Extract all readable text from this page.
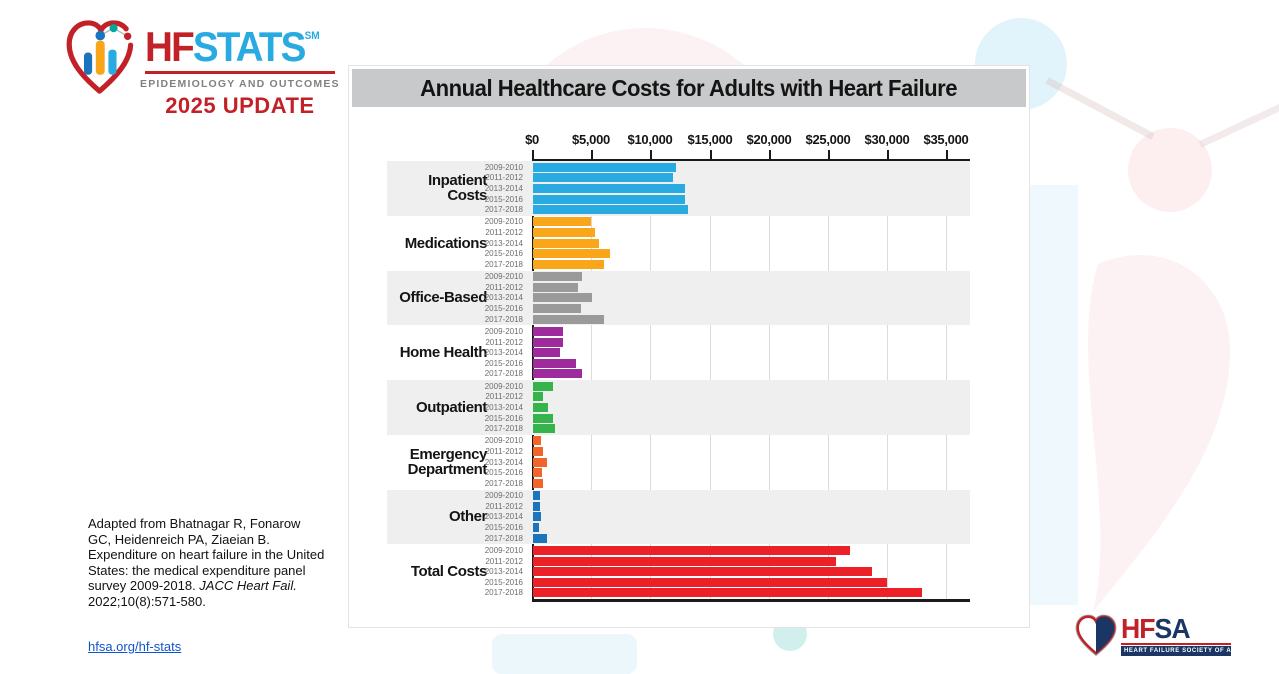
HFSTATS℠
EPIDEMIOLOGY AND OUTCOMES
2025 UPDATE
Adapted from Bhatnagar R, Fonarow GC, Heidenreich PA, Ziaeian B. Expenditure on heart failure in the United States: the medical expenditure panel survey 2009-2018. JACC Heart Fail. 2022;10(8):571-580.
hfsa.org/hf-stats
Annual Healthcare Costs for Adults with Heart Failure
$0	$5,000	$10,000	$15,000	$20,000	$25,000	$30,000	$35,000
Inpatient Costs
2009-2010
2011-2012
2013-2014
2015-2016
2017-2018
Medications
2009-2010
2011-2012
2013-2014
2015-2016
2017-2018
Office-Based
2009-2010
2011-2012
2013-2014
2015-2016
2017-2018
Home Health
2009-2010
2011-2012
2013-2014
2015-2016
2017-2018
Outpatient
2009-2010
2011-2012
2013-2014
2015-2016
2017-2018
Emergency Department
2009-2010
2011-2012
2013-2014
2015-2016
2017-2018
Other
2009-2010
2011-2012
2013-2014
2015-2016
2017-2018
Total Costs
2009-2010
2011-2012
2013-2014
2015-2016
2017-2018
HFSA
HEART FAILURE SOCIETY OF AMERICA
